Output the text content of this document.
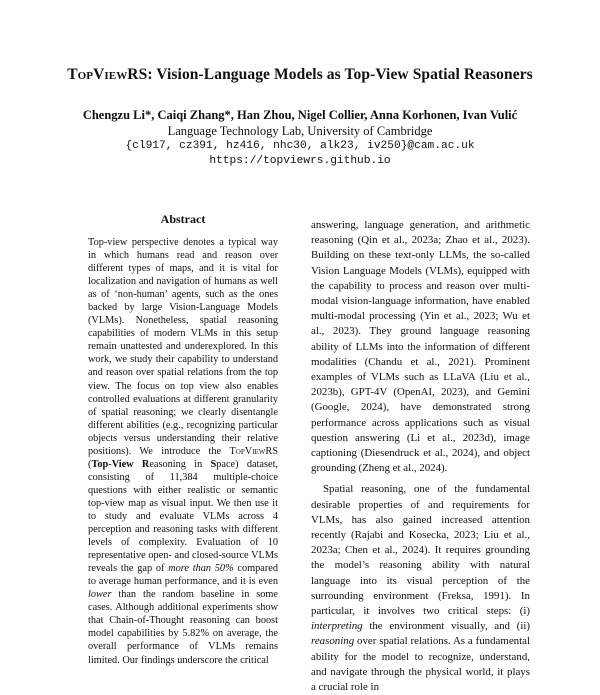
TopViewRS: Vision-Language Models as Top-View Spatial Reasoners
Chengzu Li*, Caiqi Zhang*, Han Zhou, Nigel Collier, Anna Korhonen, Ivan Vulić
Language Technology Lab, University of Cambridge
{cl917, cz391, hz416, nhc30, alk23, iv250}@cam.ac.uk
https://topviewrs.github.io
Abstract
Top-view perspective denotes a typical way in which humans read and reason over different types of maps, and it is vital for localization and navigation of humans as well as of ‘non-human’ agents, such as the ones backed by large Vision-Language Models (VLMs). Nonetheless, spatial reasoning capabilities of modern VLMs in this setup remain unattested and underexplored. In this work, we study their capability to understand and reason over spatial relations from the top view. The focus on top view also enables controlled evaluations at different granularity of spatial reasoning; we clearly disentangle different abilities (e.g., recognizing particular objects versus understanding their relative positions). We introduce the TopViewRS (Top-View Reasoning in Space) dataset, consisting of 11,384 multiple-choice questions with either realistic or semantic top-view map as visual input. We then use it to study and evaluate VLMs across 4 perception and reasoning tasks with different levels of complexity. Evaluation of 10 representative open- and closed-source VLMs reveals the gap of more than 50% compared to average human performance, and it is even lower than the random baseline in some cases. Although additional experiments show that Chain-of-Thought reasoning can boost model capabilities by 5.82% on average, the overall performance of VLMs remains limited. Our findings underscore the critical

answering, language generation, and arithmetic reasoning (Qin et al., 2023a; Zhao et al., 2023). Building on these text-only LLMs, the so-called Vision Language Models (VLMs), equipped with the capability to process and reason over multi-modal vision-language information, have enabled multi-modal processing (Yin et al., 2023; Wu et al., 2023). They ground language reasoning ability of LLMs into the information of different modalities (Chandu et al., 2021). Prominent examples of VLMs such as LLaVA (Liu et al., 2023b), GPT-4V (OpenAI, 2023), and Gemini (Google, 2024), have demonstrated strong performance across applications such as visual question answering (Li et al., 2023d), image captioning (Diesendruck et al., 2024), and object grounding (Zheng et al., 2024).

Spatial reasoning, one of the fundamental desirable properties of and requirements for VLMs, has also gained increased attention recently (Rajabi and Kosecka, 2023; Liu et al., 2023a; Chen et al., 2024). It requires grounding the model’s reasoning ability with natural language into its visual perception of the surrounding environment (Freksa, 1991). In particular, it involves two critical steps: (i) interpreting the environment visually, and (ii) reasoning over spatial relations. As a fundamental ability for the model to recognize, understand, and navigate through the physical world, it plays a crucial role in
